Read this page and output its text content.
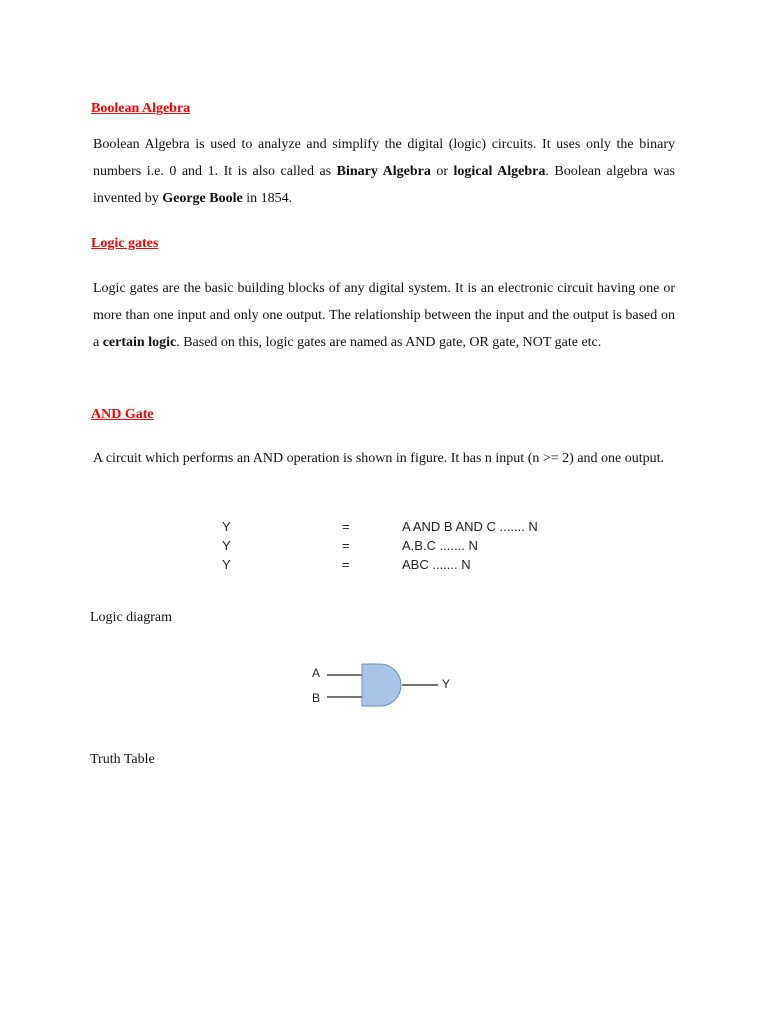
Boolean Algebra

Boolean Algebra is used to analyze and simplify the digital (logic) circuits. It uses only the binary numbers i.e. 0 and 1. It is also called as Binary Algebra or logical Algebra. Boolean algebra was invented by George Boole in 1854.

Logic gates

Logic gates are the basic building blocks of any digital system. It is an electronic circuit having one or more than one input and only one output. The relationship between the input and the output is based on a certain logic. Based on this, logic gates are named as AND gate, OR gate, NOT gate etc.

AND Gate

A circuit which performs an AND operation is shown in figure. It has n input (n >= 2) and one output.

Y	=	A AND B AND C ....... N
Y	=	A.B.C ....... N
Y	=	ABC ....... N

Logic diagram

A
B
Y

Truth Table
